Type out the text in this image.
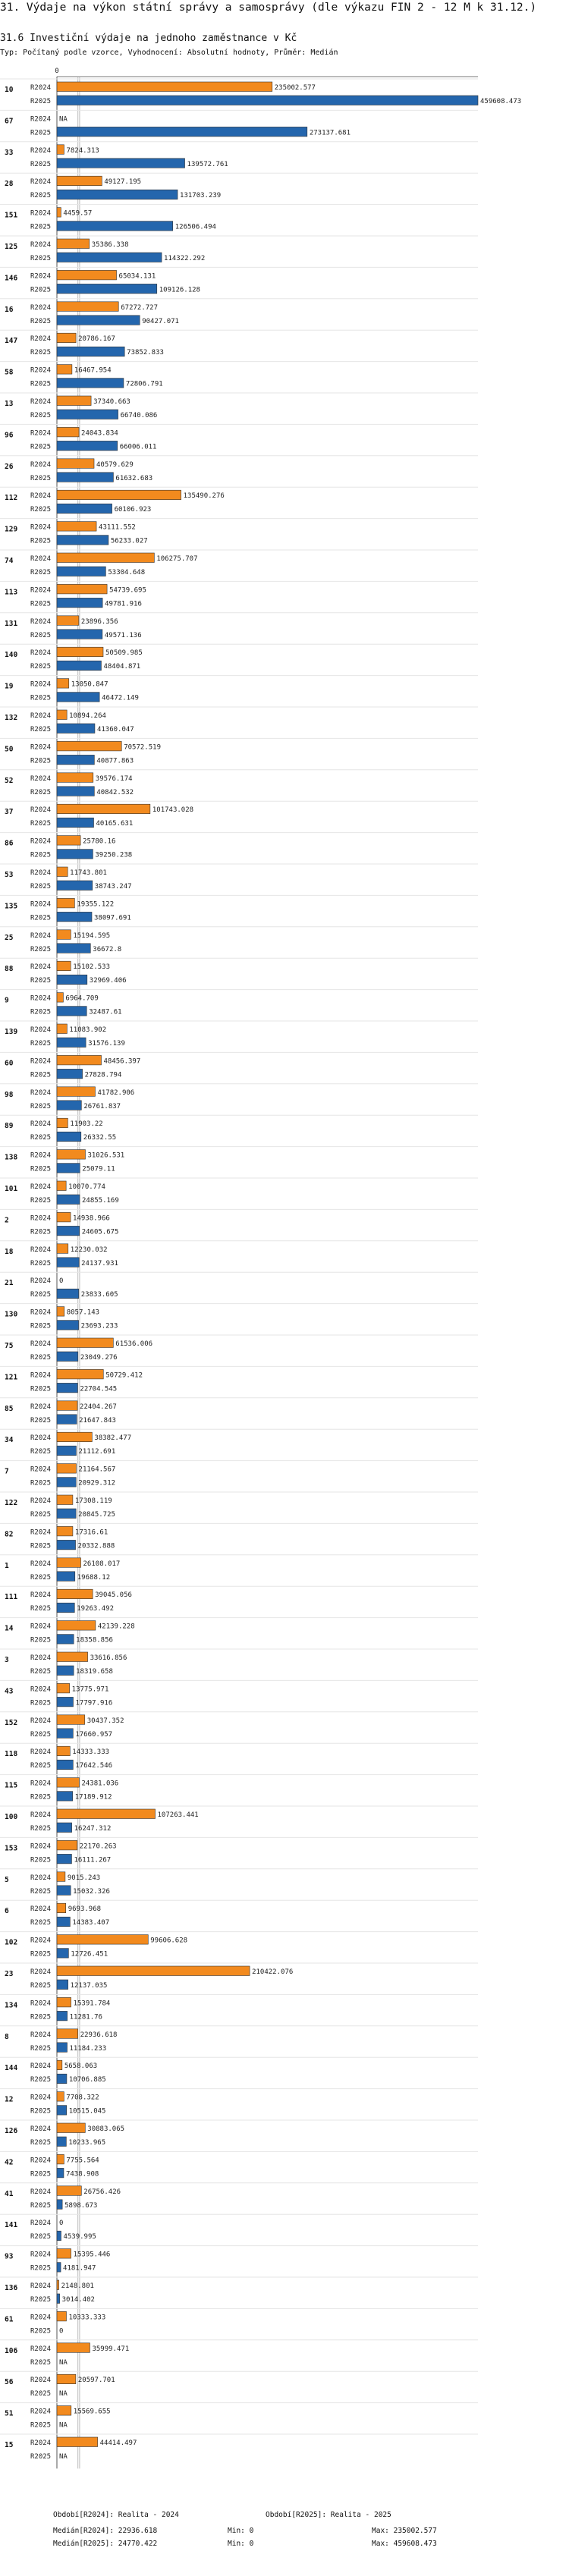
31. Výdaje na výkon státní správy a samosprávy (dle výkazu FIN 2 - 12 M k 31.12.)
31.6 Investiční výdaje na jednoho zaměstnance v Kč
Typ: Počítaný podle vzorce, Vyhodnocení: Absolutní hodnoty, Průměr: Medián
0
10	R2024	235002.577
R2025	459608.473
67	R2024 NA
R2025	273137.681
33	R2024 7824.313
R2025	139572.761
28	R2024	49127.195
R2025	131703.239
151 R2024 4459.57
R2025	126506.494
125 R2024	35386.338
R2025	114322.292
146 R2024	65034.131
R2025	109126.128
16	R2024	67272.727
R2025	90427.071
147 R2024	20786.167
R2025	73852.833
58	R2024	16467.954
R2025	72806.791
13	R2024	37340.663
R2025	66740.086
96	R2024	24043.834
R2025	66006.011
26	R2024	40579.629
R2025	61632.683
112 R2024	135490.276
R2025	60106.923
129 R2024	43111.552
R2025	56233.027
74	R2024	106275.707
R2025	53304.648
113 R2024	54739.695
R2025	49781.916
131 R2024	23896.356
R2025	49571.136
140 R2024	50509.985
R2025	48404.871
19	R2024	13050.847
R2025	46472.149
132 R2024	10894.264
R2025	41360.047
50	R2024	70572.519
R2025	40877.863
52	R2024	39576.174
R2025	40842.532
37	R2024	101743.028
R2025	40165.631
86	R2024	25780.16
R2025	39250.238
53	R2024	11743.801
R2025	38743.247
135 R2024	19355.122
R2025	38097.691
25	R2024	15194.595
R2025	36672.8
88	R2024	15102.533
R2025	32969.406
9	R2024 6964.709
R2025	32487.61
139 R2024	11083.902
R2025	31576.139
60	R2024	48456.397
R2025	27828.794
98	R2024	41782.906
R2025	26761.837
89	R2024	11903.22
R2025	26332.55
138 R2024	31026.531
R2025	25079.11
101 R2024	10070.774
R2025	24855.169
2	R2024	14938.966
R2025	24605.675
18	R2024	12230.032
R2025	24137.931
21	R2024 0
R2025	23833.605
130 R2024 8057.143
R2025	23693.233
75	R2024	61536.006
R2025	23049.276
121 R2024	50729.412
R2025	22704.545
85	R2024	22404.267
R2025	21647.843
34	R2024	38382.477
R2025	21112.691
7	R2024	21164.567
R2025	20929.312
122 R2024	17308.119
R2025	20845.725
82	R2024	17316.61
R2025	20332.888
1	R2024	26108.017
R2025	19688.12
111 R2024	39045.056
R2025	19263.492
14	R2024	42139.228
R2025	18358.856
3	R2024	33616.856
R2025	18319.658
43	R2024	13775.971
R2025	17797.916
152 R2024	30437.352
R2025	17660.957
118 R2024	14333.333
R2025	17642.546
115 R2024	24381.036
R2025	17189.912
100 R2024	107263.441
R2025	16247.312
153 R2024	22170.263
R2025	16111.267
5	R2024 9015.243
R2025	15032.326
6	R2024	9693.968
R2025	14383.407
102 R2024	99606.628
R2025	12726.451
23	R2024	210422.076
R2025	12137.035
134 R2024	15391.784
R2025	11281.76
8	R2024	22936.618
R2025	11184.233
144 R2024 5658.063
R2025	10706.885
12	R2024 7708.322
R2025	10515.045
126 R2024	30883.065
R2025	10233.965
42	R2024 7755.564
R2025 7438.908
41	R2024	26756.426
R2025 5898.673
141 R2024 0
R2025 4539.995
93	R2024	15395.446
R2025 4181.947
136 R2024 2148.801
R2025 3014.402
61	R2024	10333.333
R2025 0
106 R2024	35999.471
R2025 NA
56	R2024	20597.701
R2025 NA
51	R2024	15569.655
R2025 NA
15	R2024	44414.497
R2025 NA
Období[R2024]: Realita - 2024	Období[R2025]: Realita - 2025
Medián[R2024]: 22936.618	Min: 0	Max: 235002.577
Medián[R2025]: 24770.422	Min: 0	Max: 459608.473
